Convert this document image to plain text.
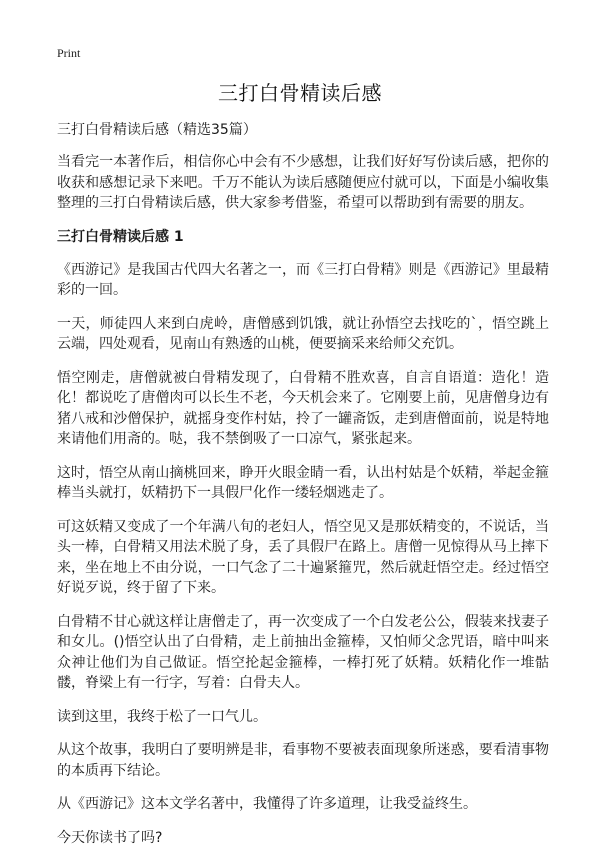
Print
三打白骨精读后感

三打白骨精读后感（精选35篇）

当看完一本著作后，相信你心中会有不少感想，让我们好好写份读后感，把你的收获和感想记录下来吧。千万不能认为读后感随便应付就可以，下面是小编收集整理的三打白骨精读后感，供大家参考借鉴，希望可以帮助到有需要的朋友。

三打白骨精读后感 1

《西游记》是我国古代四大名著之一，而《三打白骨精》则是《西游记》里最精彩的一回。

一天，师徒四人来到白虎岭，唐僧感到饥饿，就让孙悟空去找吃的`，悟空跳上云端，四处观看，见南山有熟透的山桃，便要摘采来给师父充饥。

悟空刚走，唐僧就被白骨精发现了，白骨精不胜欢喜，自言自语道：造化！造化！都说吃了唐僧肉可以长生不老，今天机会来了。它刚要上前，见唐僧身边有猪八戒和沙僧保护，就摇身变作村姑，拎了一罐斋饭，走到唐僧面前，说是特地来请他们用斋的。哒，我不禁倒吸了一口凉气，紧张起来。

这时，悟空从南山摘桃回来，睁开火眼金睛一看，认出村姑是个妖精，举起金箍棒当头就打，妖精扔下一具假尸化作一缕轻烟逃走了。

可这妖精又变成了一个年满八旬的老妇人，悟空见又是那妖精变的，不说话，当头一棒，白骨精又用法术脱了身，丢了具假尸在路上。唐僧一见惊得从马上摔下来，坐在地上不由分说，一口气念了二十遍紧箍咒，然后就赶悟空走。经过悟空好说歹说，终于留了下来。

白骨精不甘心就这样让唐僧走了，再一次变成了一个白发老公公，假装来找妻子和女儿。()悟空认出了白骨精，走上前抽出金箍棒，又怕师父念咒语，暗中叫来众神让他们为自己做证。悟空抡起金箍棒，一棒打死了妖精。妖精化作一堆骷髅，脊梁上有一行字，写着：白骨夫人。

读到这里，我终于松了一口气儿。

从这个故事，我明白了要明辨是非，看事物不要被表面现象所迷惑，要看清事物的本质再下结论。

从《西游记》这本文学名著中，我懂得了许多道理，让我受益终生。

今天你读书了吗?
